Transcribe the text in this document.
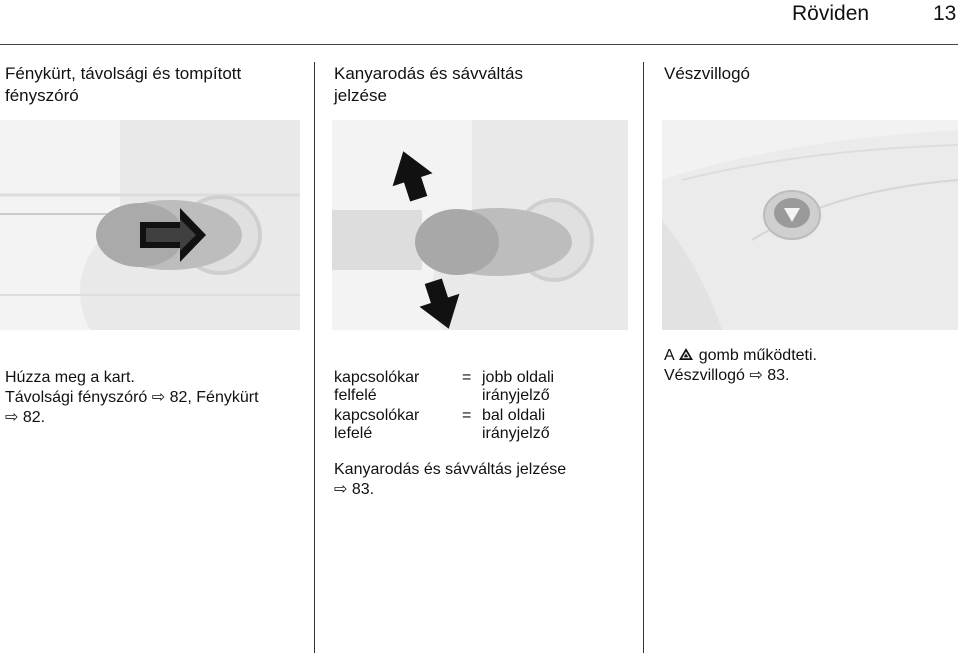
Röviden	13
Fénykürt, távolsági és tompított
fényszóró
Húzza meg a kart.
Távolsági fényszóró ⇨ 82, Fénykürt
⇨ 82.
Kanyarodás és sávváltás
jelzése
kapcsolókar
felfelé
= jobb oldali
irányjelző
kapcsolókar
lefelé
= bal oldali
irányjelző
Kanyarodás és sávváltás jelzése
⇨ 83.
Vészvillogó
A gomb működteti.
Vészvillogó ⇨ 83.
